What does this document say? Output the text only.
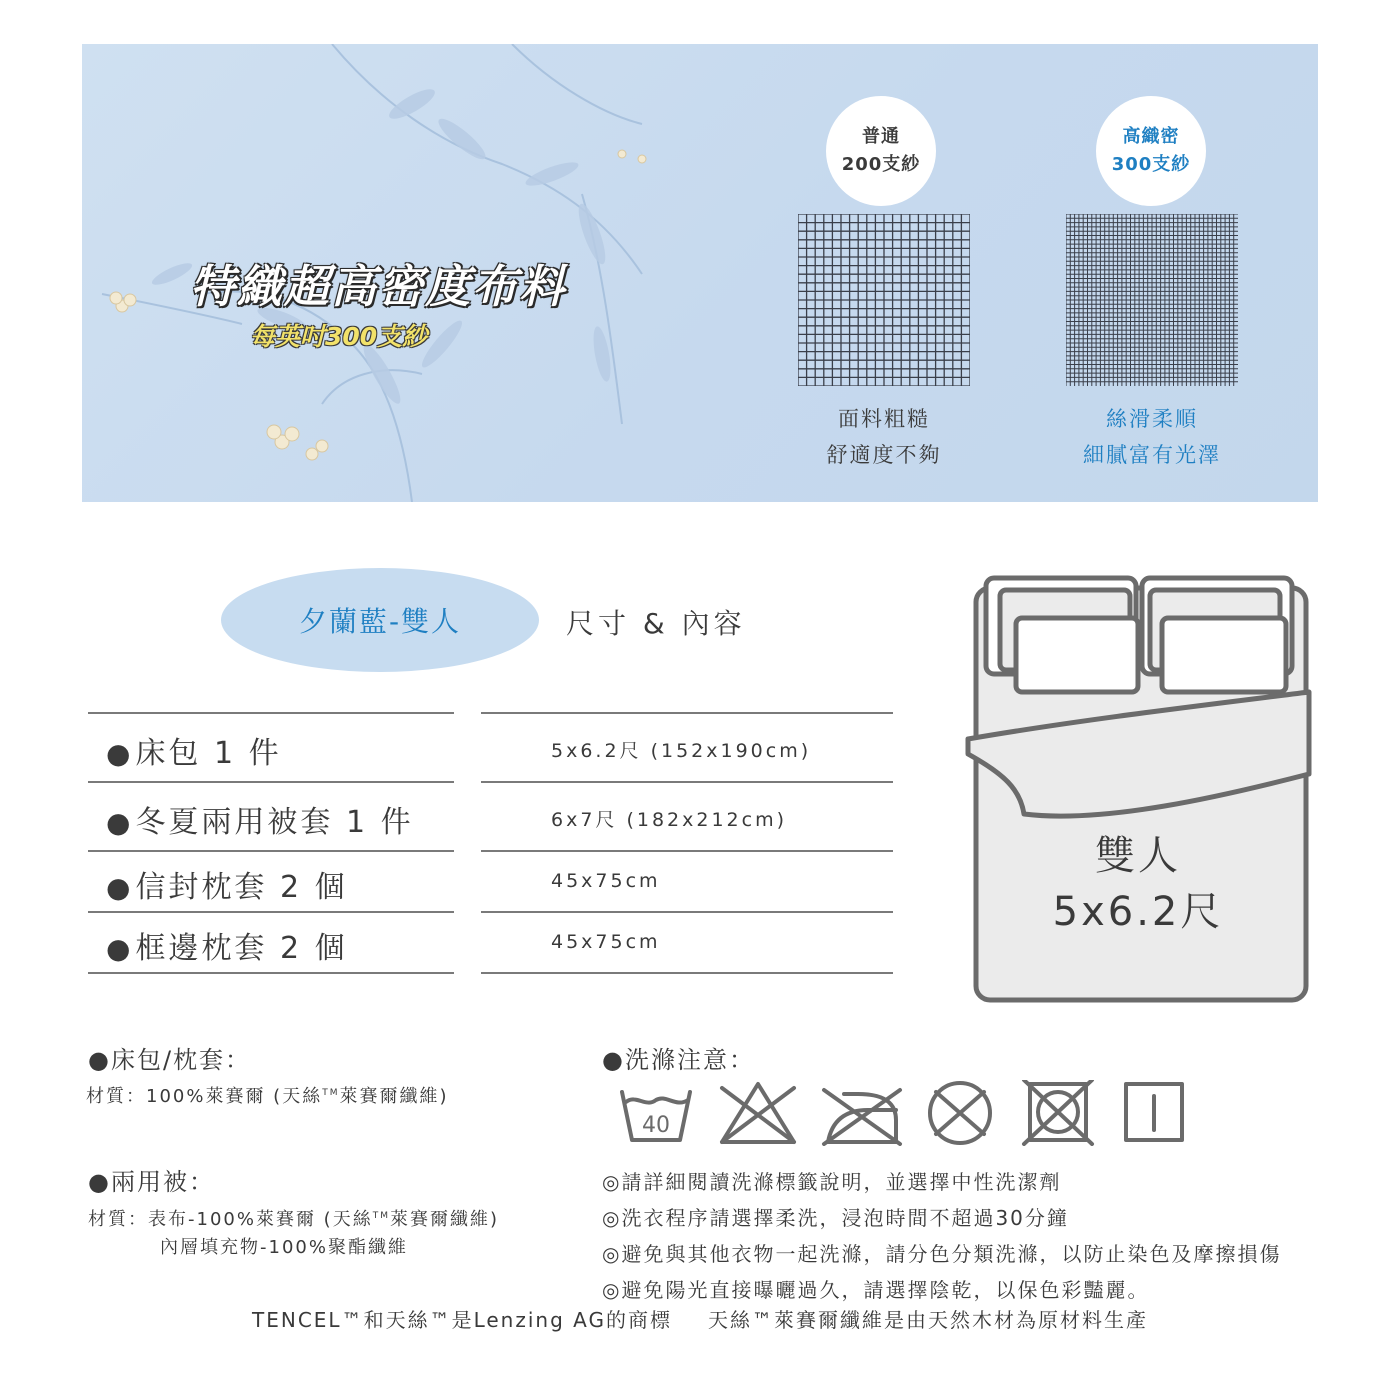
特織超高密度布料
每英吋300支紗
普通
200支紗
高織密
300支紗
面料粗糙
舒適度不夠
絲滑柔順
細膩富有光澤
夕蘭藍-雙人	尺寸 & 內容
●床包 1 件	5x6.2尺 (152x190cm)
●冬夏兩用被套 1 件	6x7尺 (182x212cm)
●信封枕套 2 個	45x75cm
●框邊枕套 2 個	45x75cm
雙人
5x6.2尺
●床包/枕套：
材質：100%萊賽爾 (天絲™萊賽爾纖維)
●兩用被：
材質：表布-100%萊賽爾 (天絲™萊賽爾纖維)
內層填充物-100%聚酯纖維
●洗滌注意：
40
◎請詳細閱讀洗滌標籤說明，並選擇中性洗潔劑
◎洗衣程序請選擇柔洗，浸泡時間不超過30分鐘
◎避免與其他衣物一起洗滌，請分色分類洗滌，以防止染色及摩擦損傷
◎避免陽光直接曝曬過久，請選擇陰乾，以保色彩豔麗。
TENCEL™和天絲™是Lenzing AG的商標 天絲™萊賽爾纖維是由天然木材為原材料生產
